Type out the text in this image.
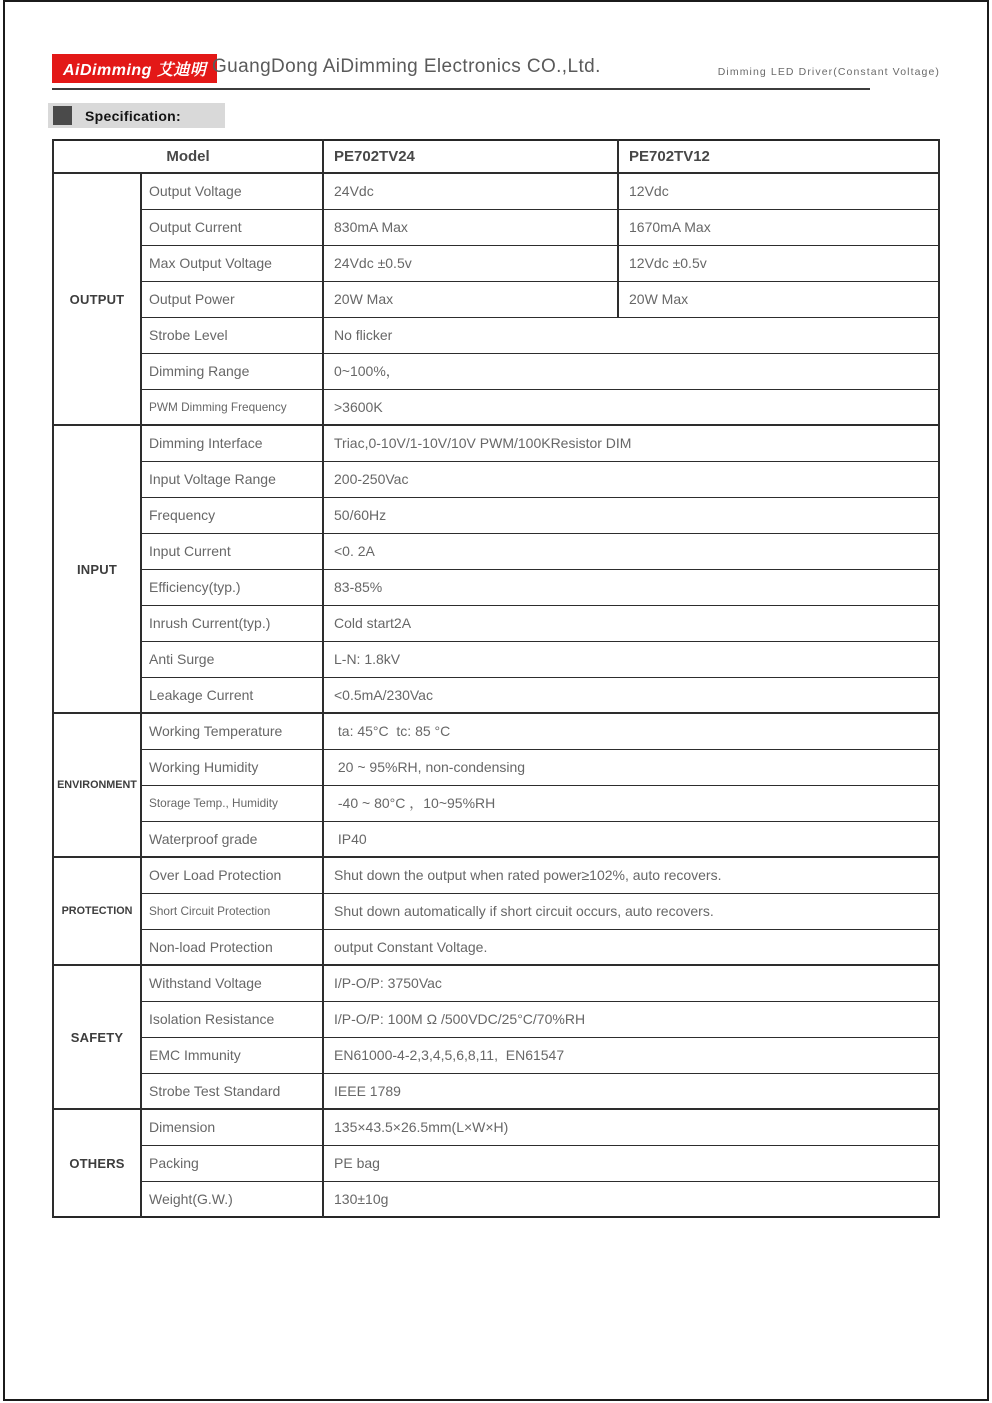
AiDimming 艾迪明 GuangDong AiDimming Electronics CO.,Ltd.	Dimming LED Driver(Constant Voltage)
Specification:
Model		PE702TV24	PE702TV12
OUTPUT	Output Voltage	24Vdc	12Vdc
	Output Current	830mA Max	1670mA Max
	Max Output Voltage	24Vdc ±0.5v	12Vdc ±0.5v
	Output Power	20W Max	20W Max
	Strobe Level	No flicker	
	Dimming Range	0~100%，	
	PWM Dimming Frequency	>3600K	
INPUT	Dimming Interface	Triac,0-10V/1-10V/10V PWM/100KResistor DIM	
	Input Voltage Range	200-250Vac	
	Frequency	50/60Hz	
	Input Current	<0. 2A	
	Efficiency(typ.)	83-85%	
	Inrush Current(typ.)	Cold start2A	
	Anti Surge	L-N: 1.8kV	
	Leakage Current	<0.5mA/230Vac	
ENVIRONMENT	Working Temperature	ta: 45°C  tc: 85 °C	
	Working Humidity	20 ~ 95%RH, non-condensing	
	Storage Temp., Humidity	-40 ~ 80°C ，10~95%RH	
	Waterproof grade	IP40	
PROTECTION	Over Load Protection	Shut down the output when rated power≥102%, auto recovers.	
	Short Circuit Protection	Shut down automatically if short circuit occurs, auto recovers.	
	Non-load Protection	output Constant Voltage.	
SAFETY	Withstand Voltage	I/P-O/P: 3750Vac	
	Isolation Resistance	I/P-O/P: 100M Ω /500VDC/25°C/70%RH	
	EMC Immunity	EN61000-4-2,3,4,5,6,8,11,  EN61547	
	Strobe Test Standard	IEEE 1789	
OTHERS	Dimension	135×43.5×26.5mm(L×W×H)	
	Packing	PE bag	
	Weight(G.W.)	130±10g	
